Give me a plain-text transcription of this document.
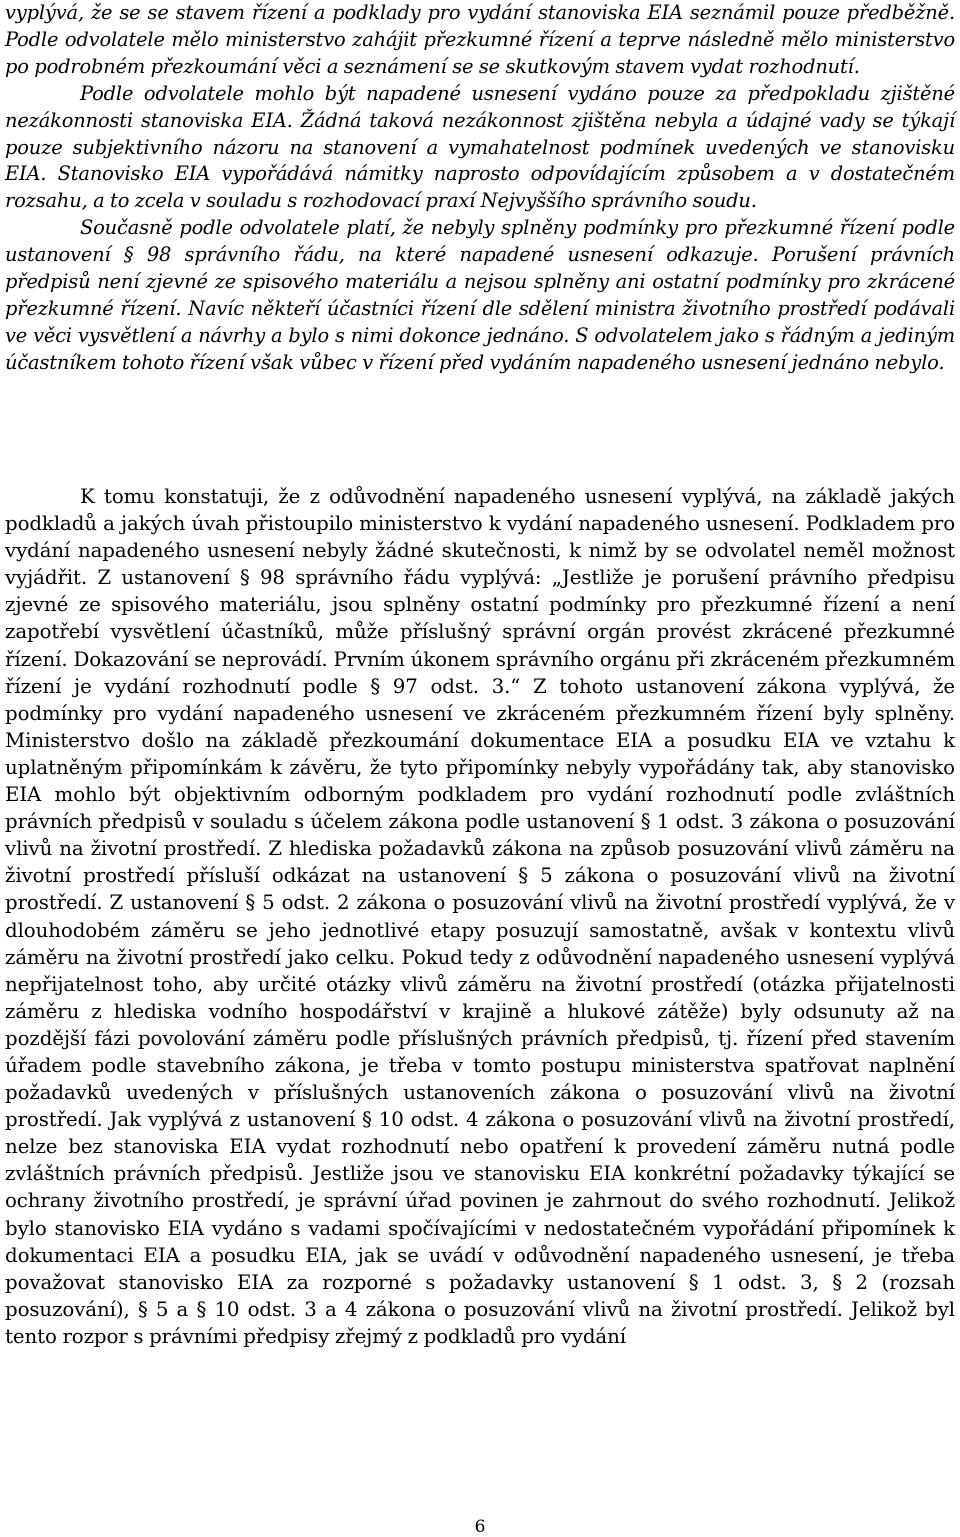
vyplývá, že se se stavem řízení a podklady pro vydání stanoviska EIA seznámil pouze předběžně. Podle odvolatele mělo ministerstvo zahájit přezkumné řízení a teprve následně mělo ministerstvo po podrobném přezkoumání věci a seznámení se se skutkovým stavem vydat rozhodnutí.

Podle odvolatele mohlo být napadené usnesení vydáno pouze za předpokladu zjištěné nezákonnosti stanoviska EIA. Žádná taková nezákonnost zjištěna nebyla a údajné vady se týkají pouze subjektivního názoru na stanovení a vymahatelnost podmínek uvedených ve stanovisku EIA. Stanovisko EIA vypořádává námitky naprosto odpovídajícím způsobem a v dostatečném rozsahu, a to zcela v souladu s rozhodovací praxí Nejvyššího správního soudu.

Současně podle odvolatele platí, že nebyly splněny podmínky pro přezkumné řízení podle ustanovení § 98 správního řádu, na které napadené usnesení odkazuje. Porušení právních předpisů není zjevné ze spisového materiálu a nejsou splněny ani ostatní podmínky pro zkrácené přezkumné řízení. Navíc někteří účastníci řízení dle sdělení ministra životního prostředí podávali ve věci vysvětlení a návrhy a bylo s nimi dokonce jednáno. S odvolatelem jako s řádným a jediným účastníkem tohoto řízení však vůbec v řízení před vydáním napadeného usnesení jednáno nebylo.

K tomu konstatuji, že z odůvodnění napadeného usnesení vyplývá, na základě jakých podkladů a jakých úvah přistoupilo ministerstvo k vydání napadeného usnesení. Podkladem pro vydání napadeného usnesení nebyly žádné skutečnosti, k nimž by se odvolatel neměl možnost vyjádřit. Z ustanovení § 98 správního řádu vyplývá: „Jestliže je porušení právního předpisu zjevné ze spisového materiálu, jsou splněny ostatní podmínky pro přezkumné řízení a není zapotřebí vysvětlení účastníků, může příslušný správní orgán provést zkrácené přezkumné řízení. Dokazování se neprovádí. Prvním úkonem správního orgánu při zkráceném přezkumném řízení je vydání rozhodnutí podle § 97 odst. 3.“ Z tohoto ustanovení zákona vyplývá, že podmínky pro vydání napadeného usnesení ve zkráceném přezkumném řízení byly splněny. Ministerstvo došlo na základě přezkoumání dokumentace EIA a posudku EIA ve vztahu k uplatněným připomínkám k závěru, že tyto připomínky nebyly vypořádány tak, aby stanovisko EIA mohlo být objektivním odborným podkladem pro vydání rozhodnutí podle zvláštních právních předpisů v souladu s účelem zákona podle ustanovení § 1 odst. 3 zákona o posuzování vlivů na životní prostředí. Z hlediska požadavků zákona na způsob posuzování vlivů záměru na životní prostředí přísluší odkázat na ustanovení § 5 zákona o posuzování vlivů na životní prostředí. Z ustanovení § 5 odst. 2 zákona o posuzování vlivů na životní prostředí vyplývá, že v dlouhodobém záměru se jeho jednotlivé etapy posuzují samostatně, avšak v kontextu vlivů záměru na životní prostředí jako celku. Pokud tedy z odůvodnění napadeného usnesení vyplývá nepřijatelnost toho, aby určité otázky vlivů záměru na životní prostředí (otázka přijatelnosti záměru z hlediska vodního hospodářství v krajině a hlukové zátěže) byly odsunuty až na pozdější fázi povolování záměru podle příslušných právních předpisů, tj. řízení před stavením úřadem podle stavebního zákona, je třeba v tomto postupu ministerstva spatřovat naplnění požadavků uvedených v příslušných ustanoveních zákona o posuzování vlivů na životní prostředí. Jak vyplývá z ustanovení § 10 odst. 4 zákona o posuzování vlivů na životní prostředí, nelze bez stanoviska EIA vydat rozhodnutí nebo opatření k provedení záměru nutná podle zvláštních právních předpisů. Jestliže jsou ve stanovisku EIA konkrétní požadavky týkající se ochrany životního prostředí, je správní úřad povinen je zahrnout do svého rozhodnutí. Jelikož bylo stanovisko EIA vydáno s vadami spočívajícími v nedostatečném vypořádání připomínek k dokumentaci EIA a posudku EIA, jak se uvádí v odůvodnění napadeného usnesení, je třeba považovat stanovisko EIA za rozporné s požadavky ustanovení § 1 odst. 3, § 2 (rozsah posuzování), § 5 a § 10 odst. 3 a 4 zákona o posuzování vlivů na životní prostředí. Jelikož byl tento rozpor s právními předpisy zřejmý z podkladů pro vydání

6
